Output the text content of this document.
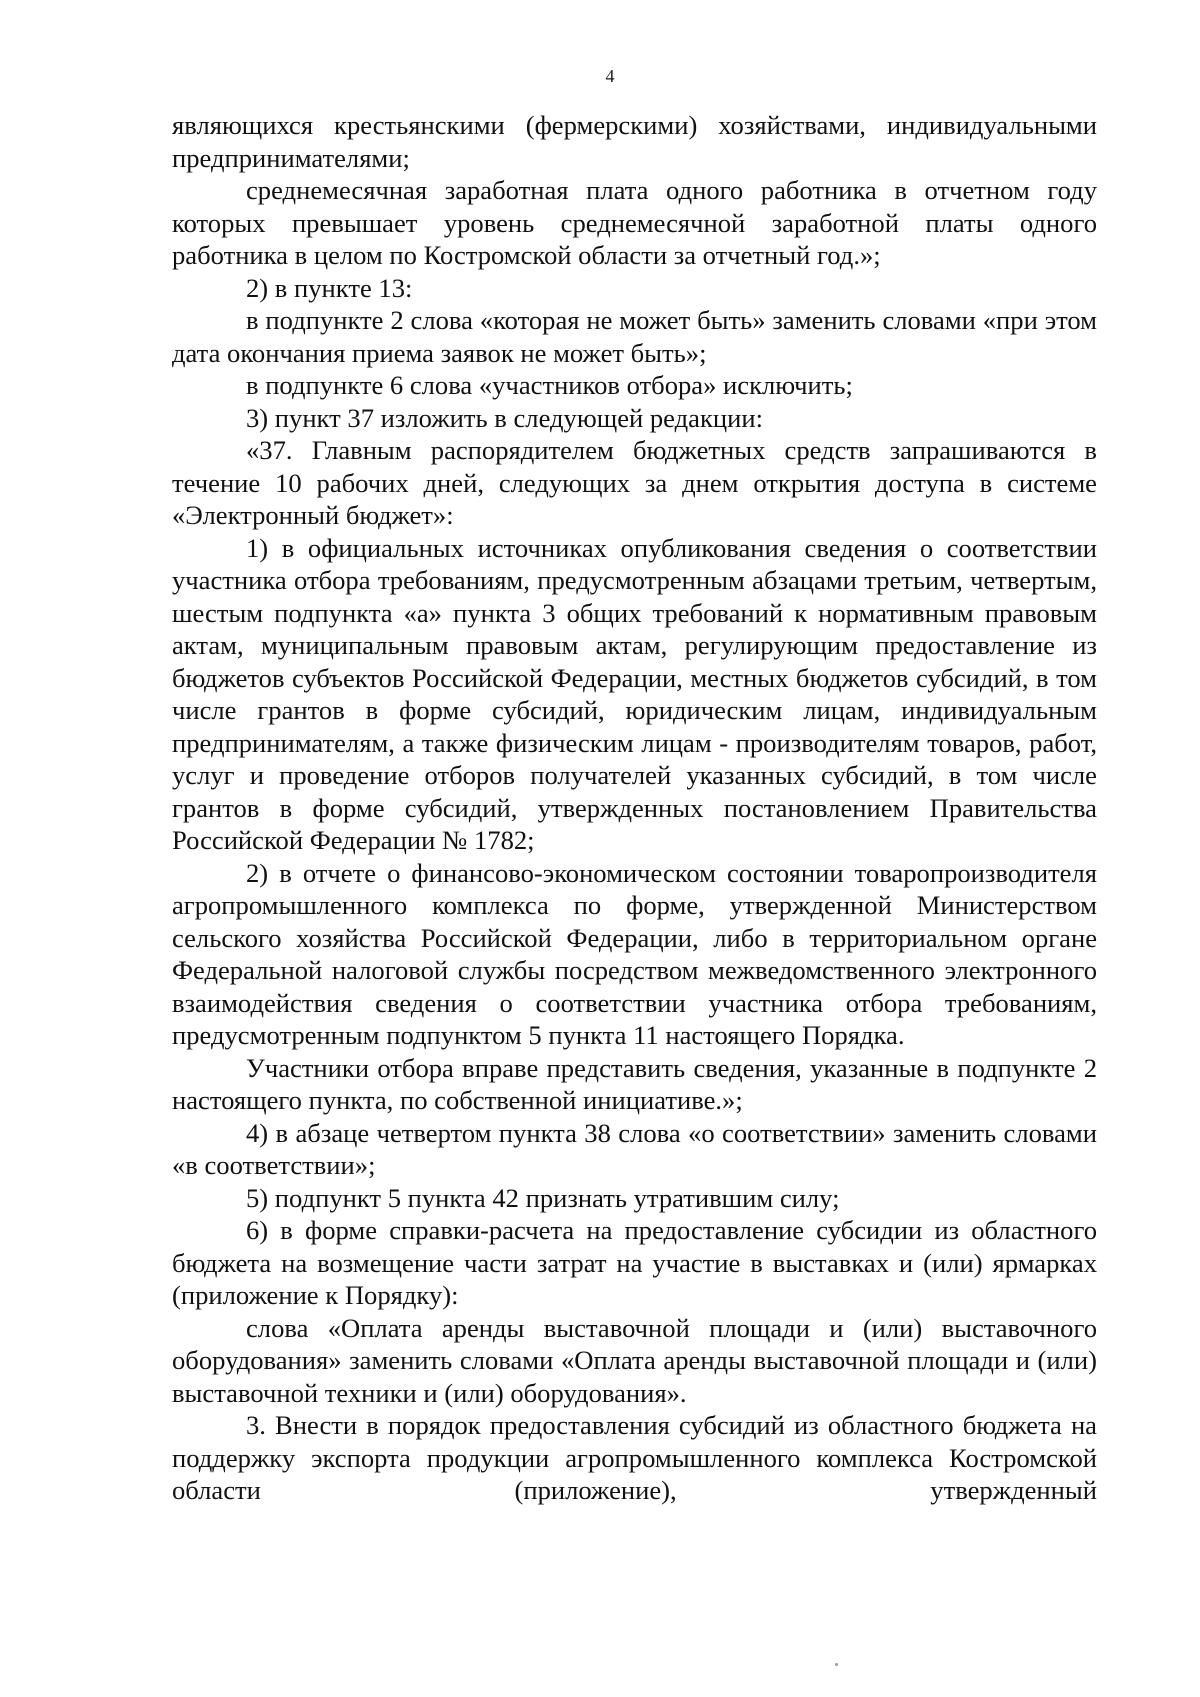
4

являющихся крестьянскими (фермерскими) хозяйствами, индивидуальными предпринимателями;

среднемесячная заработная плата одного работника в отчетном году которых превышает уровень среднемесячной заработной платы одного работника в целом по Костромской области за отчетный год.»;

2) в пункте 13:

в подпункте 2 слова «которая не может быть» заменить словами «при этом дата окончания приема заявок не может быть»;

в подпункте 6 слова «участников отбора» исключить;

3) пункт 37 изложить в следующей редакции:

«37. Главным распорядителем бюджетных средств запрашиваются в течение 10 рабочих дней, следующих за днем открытия доступа в системе «Электронный бюджет»:

1) в официальных источниках опубликования сведения о соответствии участника отбора требованиям, предусмотренным абзацами третьим, четвертым, шестым подпункта «а» пункта 3 общих требований к нормативным правовым актам, муниципальным правовым актам, регулирующим предоставление из бюджетов субъектов Российской Федерации, местных бюджетов субсидий, в том числе грантов в форме субсидий, юридическим лицам, индивидуальным предпринимателям, а также физическим лицам - производителям товаров, работ, услуг и проведение отборов получателей указанных субсидий, в том числе грантов в форме субсидий, утвержденных постановлением Правительства Российской Федерации № 1782;

2) в отчете о финансово-экономическом состоянии товаропроизводителя агропромышленного комплекса по форме, утвержденной Министерством сельского хозяйства Российской Федерации, либо в территориальном органе Федеральной налоговой службы посредством межведомственного электронного взаимодействия сведения о соответствии участника отбора требованиям, предусмотренным подпунктом 5 пункта 11 настоящего Порядка.

Участники отбора вправе представить сведения, указанные в подпункте 2 настоящего пункта, по собственной инициативе.»;

4) в абзаце четвертом пункта 38 слова «о соответствии» заменить словами «в соответствии»;

5) подпункт 5 пункта 42 признать утратившим силу;

6) в форме справки-расчета на предоставление субсидии из областного бюджета на возмещение части затрат на участие в выставках и (или) ярмарках (приложение к Порядку):

слова «Оплата аренды выставочной площади и (или) выставочного оборудования» заменить словами «Оплата аренды выставочной площади и (или) выставочной техники и (или) оборудования».

3. Внести в порядок предоставления субсидий из областного бюджета на поддержку экспорта продукции агропромышленного комплекса Костромской области (приложение), утвержденный
